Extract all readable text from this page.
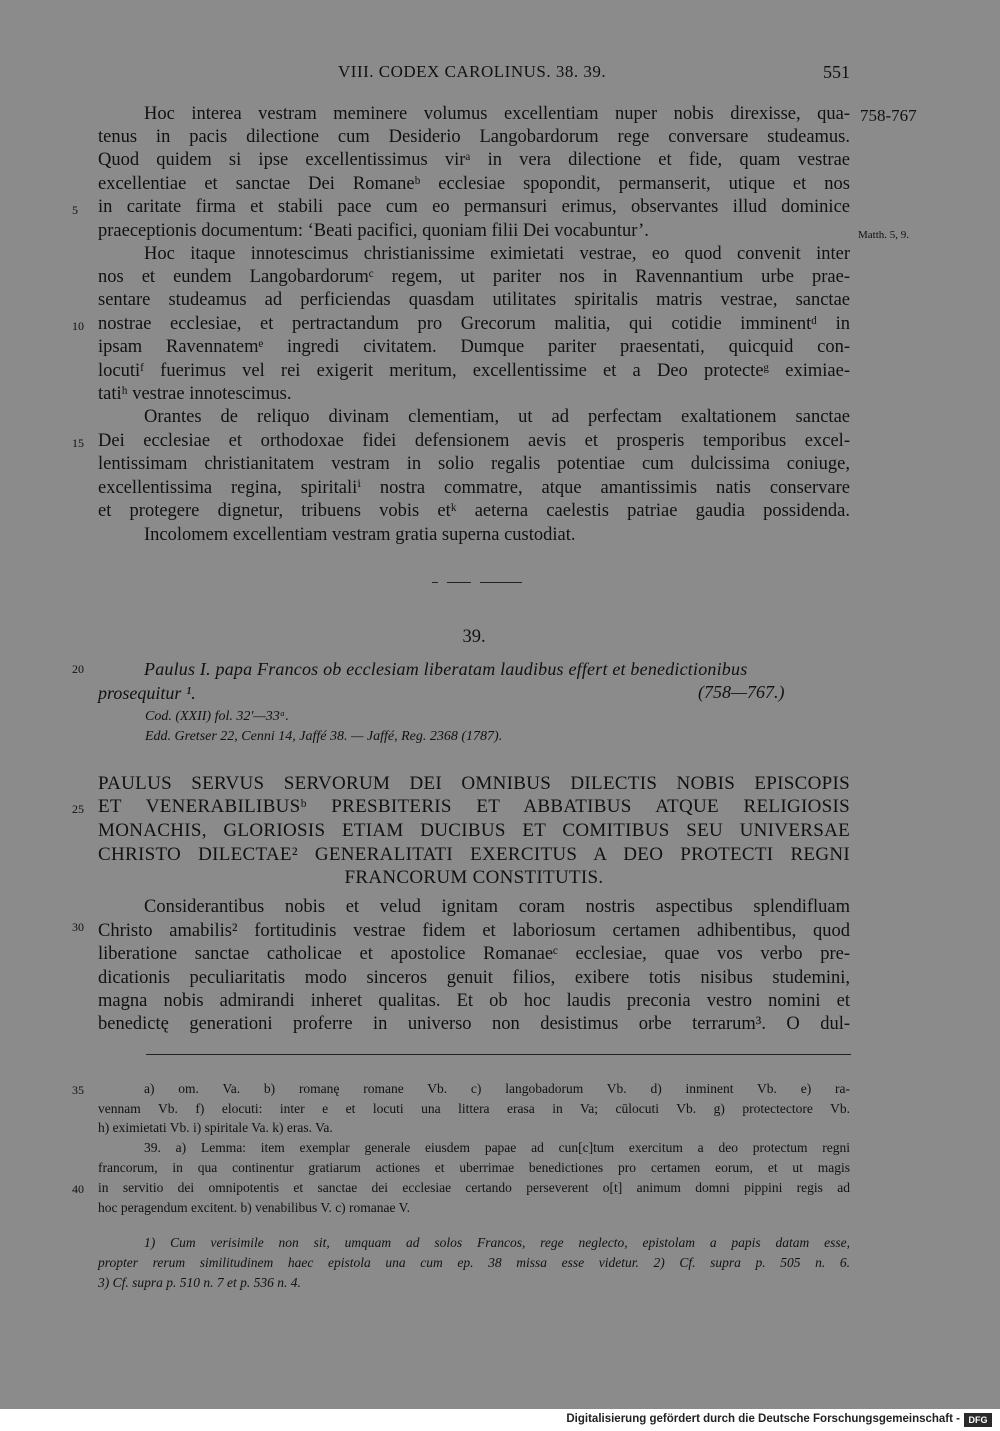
VIII. CODEX CAROLINUS. 38. 39.	551
758-767
Matth. 5, 9.
5
10
15
20
25
30
35
40
Hoc interea vestram meminere volumus excellentiam nuper nobis direxisse, qua-
tenus in pacis dilectione cum Desiderio Langobardorum rege conversare studeamus.
Quod quidem si ipse excellentissimus virᵃ in vera dilectione et fide, quam vestrae
excellentiae et sanctae Dei Romaneᵇ ecclesiae spopondit, permanserit, utique et nos
in caritate firma et stabili pace cum eo permansuri erimus, observantes illud dominice
praeceptionis documentum: ‘Beati pacifici, quoniam filii Dei vocabuntur’.
Hoc itaque innotescimus christianissime eximietati vestrae, eo quod convenit inter
nos et eundem Langobardorumᶜ regem, ut pariter nos in Ravennantium urbe prae-
sentare studeamus ad perficiendas quasdam utilitates spiritalis matris vestrae, sanctae
nostrae ecclesiae, et pertractandum pro Grecorum malitia, qui cotidie imminentᵈ in
ipsam Ravennatemᵉ ingredi civitatem. Dumque pariter praesentati, quicquid con-
locutiᶠ fuerimus vel rei exigerit meritum, excellentissime et a Deo protecteᵍ eximiae-
tatiʰ vestrae innotescimus.
Orantes de reliquo divinam clementiam, ut ad perfectam exaltationem sanctae
Dei ecclesiae et orthodoxae fidei defensionem aevis et prosperis temporibus excel-
lentissimam christianitatem vestram in solio regalis potentiae cum dulcissima coniuge,
excellentissima regina, spiritaliⁱ nostra commatre, atque amantissimis natis conservare
et protegere dignetur, tribuens vobis etᵏ aeterna caelestis patriae gaudia possidenda.
Incolomem excellentiam vestram gratia superna custodiat.
39.
Paulus I. papa Francos ob ecclesiam liberatam laudibus effert et benedictionibus
prosequitur ¹.	(758—767.)
Cod. (XXII) fol. 32'—33ᵃ.
Edd. Gretser 22, Cenni 14, Jaffé 38. — Jaffé, Reg. 2368 (1787).
PAULUS SERVUS SERVORUM DEI OMNIBUS DILECTIS NOBIS EPISCOPIS
ET VENERABILIBUSᵇ PRESBITERIS ET ABBATIBUS ATQUE RELIGIOSIS
MONACHIS, GLORIOSIS ETIAM DUCIBUS ET COMITIBUS SEU UNIVERSAE
CHRISTO DILECTAE² GENERALITATI EXERCITUS A DEO PROTECTI REGNI
FRANCORUM CONSTITUTIS.
Considerantibus nobis et velud ignitam coram nostris aspectibus splendifluam
Christo amabilis² fortitudinis vestrae fidem et laboriosum certamen adhibentibus, quod
liberatione sanctae catholicae et apostolice Romanaeᶜ ecclesiae, quae vos verbo pre-
dicationis peculiaritatis modo sinceros genuit filios, exibere totis nisibus studemini,
magna nobis admirandi inheret qualitas. Et ob hoc laudis preconia vestro nomini et
benedictę generationi proferre in universo non desistimus orbe terrarum³. O dul-
a) om. Va. b) romanę romane Vb. c) langobadorum Vb. d) inminent Vb. e) ra-
vennam Vb. f) elocuti: inter e et locuti una littera erasa in Va; cūlocuti Vb. g) protectectore Vb.
h) eximietati Vb. i) spiritale Va. k) eras. Va.
39. a) Lemma: item exemplar generale eiusdem papae ad cun[c]tum exercitum a deo protectum regni
francorum, in qua continentur gratiarum actiones et uberrimae benedictiones pro certamen eorum, et ut magis
in servitio dei omnipotentis et sanctae dei ecclesiae certando perseverent o[t] animum domni pippini regis ad
hoc peragendum excitent. b) venabilibus V. c) romanae V.
1) Cum verisimile non sit, umquam ad solos Francos, rege neglecto, epistolam a papis datam esse,
propter rerum similitudinem haec epistola una cum ep. 38 missa esse videtur. 2) Cf. supra p. 505 n. 6.
3) Cf. supra p. 510 n. 7 et p. 536 n. 4.
Digitalisierung gefördert durch die Deutsche Forschungsgemeinschaft - DFG
